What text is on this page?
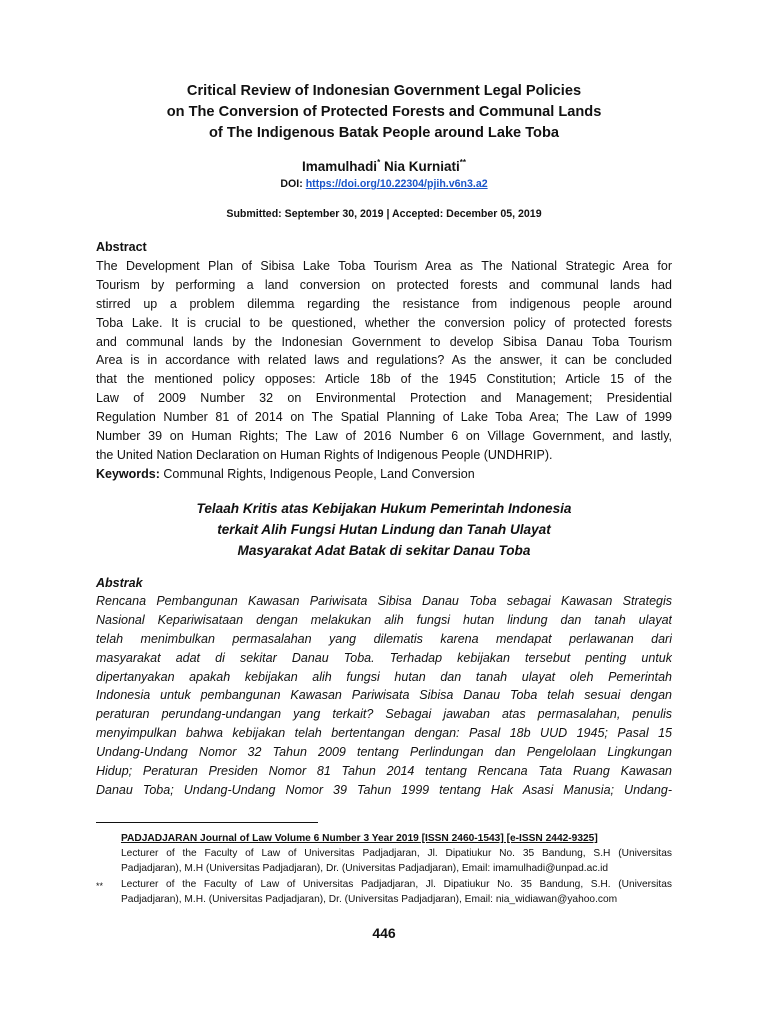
Critical Review of Indonesian Government Legal Policies
on The Conversion of Protected Forests and Communal Lands
of The Indigenous Batak People around Lake Toba
Imamulhadi* Nia Kurniati**
DOI: https://doi.org/10.22304/pjih.v6n3.a2
Submitted: September 30, 2019 | Accepted: December 05, 2019
Abstract
The Development Plan of Sibisa Lake Toba Tourism Area as The National Strategic Area for
Tourism by performing a land conversion on protected forests and communal lands had
stirred up a problem dilemma regarding the resistance from indigenous people around
Toba Lake. It is crucial to be questioned, whether the conversion policy of protected forests
and communal lands by the Indonesian Government to develop Sibisa Danau Toba Tourism
Area is in accordance with related laws and regulations? As the answer, it can be concluded
that the mentioned policy opposes: Article 18b of the 1945 Constitution; Article 15 of the
Law of 2009 Number 32 on Environmental Protection and Management; Presidential
Regulation Number 81 of 2014 on The Spatial Planning of Lake Toba Area; The Law of 1999
Number 39 on Human Rights; The Law of 2016 Number 6 on Village Government, and lastly,
the United Nation Declaration on Human Rights of Indigenous People (UNDHRIP).
Keywords: Communal Rights, Indigenous People, Land Conversion
Telaah Kritis atas Kebijakan Hukum Pemerintah Indonesia
terkait Alih Fungsi Hutan Lindung dan Tanah Ulayat
Masyarakat Adat Batak di sekitar Danau Toba
Abstrak
Rencana Pembangunan Kawasan Pariwisata Sibisa Danau Toba sebagai Kawasan Strategis
Nasional Kepariwisataan dengan melakukan alih fungsi hutan lindung dan tanah ulayat
telah menimbulkan permasalahan yang dilematis karena mendapat perlawanan dari
masyarakat adat di sekitar Danau Toba. Terhadap kebijakan tersebut penting untuk
dipertanyakan apakah kebijakan alih fungsi hutan dan tanah ulayat oleh Pemerintah
Indonesia untuk pembangunan Kawasan Pariwisata Sibisa Danau Toba telah sesuai dengan
peraturan perundang-undangan yang terkait? Sebagai jawaban atas permasalahan, penulis
menyimpulkan bahwa kebijakan telah bertentangan dengan: Pasal 18b UUD 1945; Pasal 15
Undang-Undang Nomor 32 Tahun 2009 tentang Perlindungan dan Pengelolaan Lingkungan
Hidup; Peraturan Presiden Nomor 81 Tahun 2014 tentang Rencana Tata Ruang Kawasan
Danau Toba; Undang-Undang Nomor 39 Tahun 1999 tentang Hak Asasi Manusia; Undang-
PADJADJARAN Journal of Law Volume 6 Number 3 Year 2019 [ISSN 2460-1543] [e-ISSN 2442-9325]
Lecturer of the Faculty of Law of Universitas Padjadjaran, Jl. Dipatiukur No. 35 Bandung, S.H (Universitas
Padjadjaran), M.H (Universitas Padjadjaran), Dr. (Universitas Padjadjaran), Email: imamulhadi@unpad.ac.id
** Lecturer of the Faculty of Law of Universitas Padjadjaran, Jl. Dipatiukur No. 35 Bandung, S.H. (Universitas
Padjadjaran), M.H. (Universitas Padjadjaran), Dr. (Universitas Padjadjaran), Email: nia_widiawan@yahoo.com
446
